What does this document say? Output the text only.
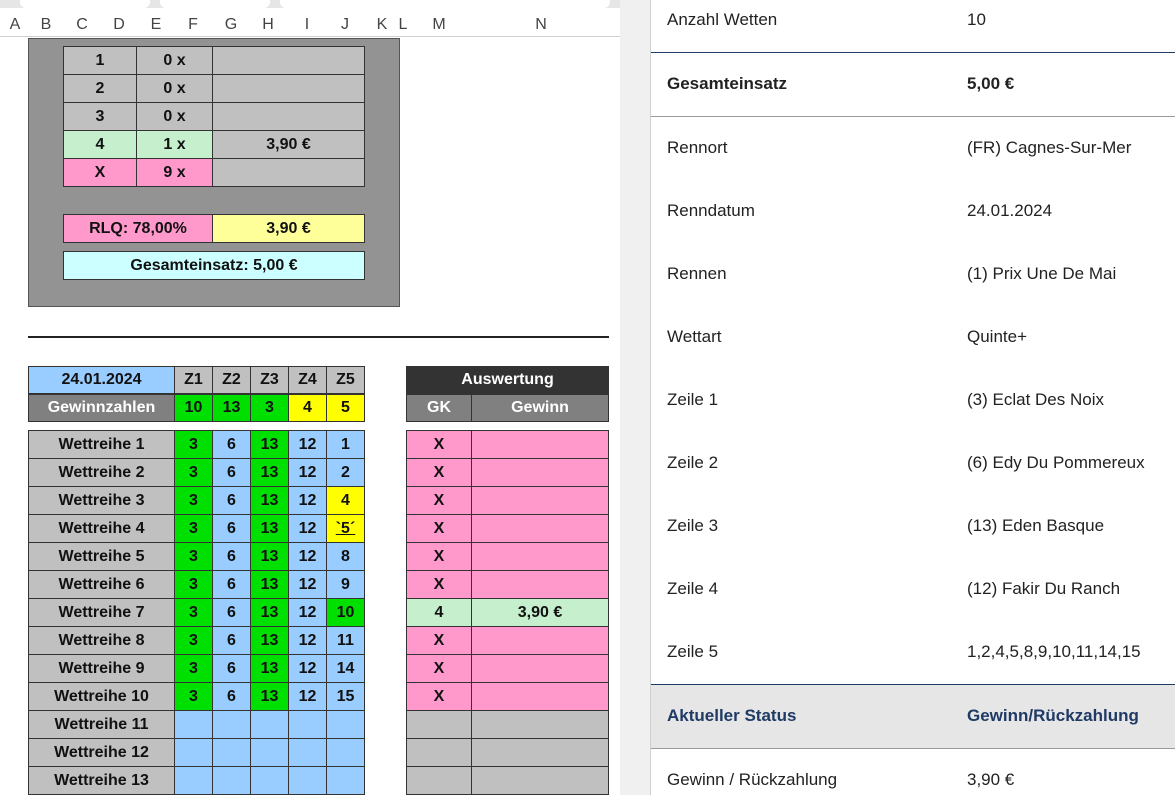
A	B	C	D	E	F	G	H	I	J	K L	M	N
1	0 x
2	0 x
3	0 x
4	1 x	3,90 €
X	9 x
RLQ: 78,00%	3,90 €
Gesamteinsatz: 5,00 €
24.01.2024	Z1	Z2	Z3	Z4	Z5	Auswertung
Gewinnzahlen	10	13	3	4	5	GK	Gewinn
Wettreihe 1	3	6	13	12	1	X
Wettreihe 2	3	6	13	12	2	X
Wettreihe 3	3	6	13	12	4	X
Wettreihe 4	3	6	13	12	`5´	X
Wettreihe 5	3	6	13	12	8	X
Wettreihe 6	3	6	13	12	9	X
Wettreihe 7	3	6	13	12	10	4	3,90 €
Wettreihe 8	3	6	13	12	11	X
Wettreihe 9	3	6	13	12	14	X
Wettreihe 10	3	6	13	12	15	X
Wettreihe 11
Wettreihe 12
Wettreihe 13
Anzahl Wetten	10
Gesamteinsatz	5,00 €
Rennort	(FR) Cagnes-Sur-Mer
Renndatum	24.01.2024
Rennen	(1) Prix Une De Mai
Wettart	Quinte+
Zeile 1	(3) Eclat Des Noix
Zeile 2	(6) Edy Du Pommereux
Zeile 3	(13) Eden Basque
Zeile 4	(12) Fakir Du Ranch
Zeile 5	1,2,4,5,8,9,10,11,14,15
Aktueller Status	Gewinn/Rückzahlung
Gewinn / Rückzahlung	3,90 €
